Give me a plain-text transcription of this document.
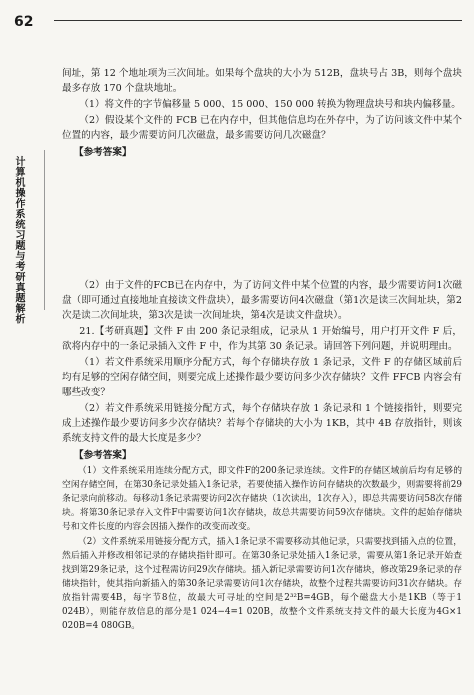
62
计算机操作系统习题与考研真题解析

间址，第 12 个地址项为三次间址。如果每个盘块的大小为 512B，盘块号占 3B，则每个盘块最多存放 170 个盘块地址。

（1）将文件的字节偏移量 5 000、15 000、150 000 转换为物理盘块号和块内偏移量。

（2）假设某个文件的 FCB 已在内存中，但其他信息均在外存中，为了访问该文件中某个位置的内容，最少需要访问几次磁盘，最多需要访问几次磁盘？

【参考答案】

（2）由于文件的FCB已在内存中，为了访问文件中某个位置的内容，最少需要访问1次磁盘（即可通过直接地址直接读文件盘块），最多需要访问4次磁盘（第1次是读三次间址块，第2次是读二次间址块，第3次是读一次间址块，第4次是读文件盘块）。

21.【考研真题】文件 F 由 200 条记录组成，记录从 1 开始编号，用户打开文件 F 后，欲将内存中的一条记录插入文件 F 中，作为其第 30 条记录。请回答下列问题，并说明理由。

（1）若文件系统采用顺序分配方式，每个存储块存放 1 条记录，文件 F 的存储区域前后均有足够的空闲存储空间，则要完成上述操作最少要访问多少次存储块？文件 FFCB 内容会有哪些改变？

（2）若文件系统采用链接分配方式，每个存储块存放 1 条记录和 1 个链接指针，则要完成上述操作最少要访问多少次存储块？若每个存储块的大小为 1KB，其中 4B 存放指针，则该系统支持文件的最大长度是多少？

【参考答案】

（1）文件系统采用连续分配方式，即文件F的200条记录连续。文件F的存储区域前后均有足够的空闲存储空间，在第30条记录处插入1条记录，若要使插入操作访问存储块的次数最少，则需要将前29条记录向前移动。每移动1条记录需要访问2次存储块（1次读出，1次存入），即总共需要访问58次存储块。将第30条记录存入文件F中需要访问1次存储块，故总共需要访问59次存储块。文件的起始存储块号和文件长度的内容会因插入操作的改变而改变。

（2）文件系统采用链接分配方式，插入1条记录不需要移动其他记录，只需要找到插入点的位置，然后插入并修改相邻记录的存储块指针即可。在第30条记录处插入1条记录，需要从第1条记录开始查找到第29条记录，这个过程需访问29次存储块。插入新记录需要访问1次存储块，修改第29条记录的存储块指针，使其指向新插入的第30条记录需要访问1次存储块，故整个过程共需要访问31次存储块。存放指针需要4B，每字节8位，故最大可寻址的空间是2³²B=4GB，每个磁盘大小是1KB（等于1 024B），则能存放信息的部分是1 024−4=1 020B，故整个文件系统支持文件的最大长度为4G×1 020B=4 080GB。
